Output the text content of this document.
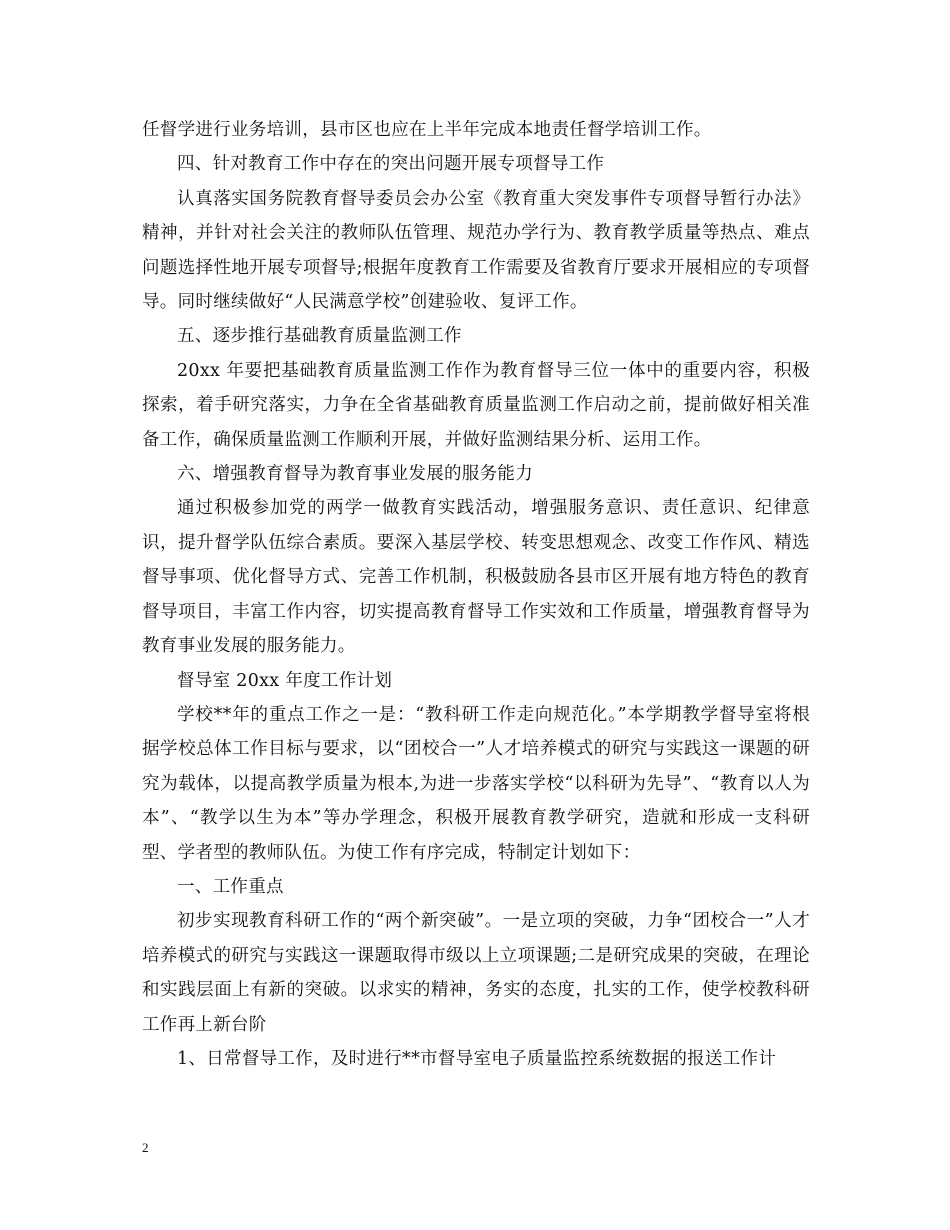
任督学进行业务培训，县市区也应在上半年完成本地责任督学培训工作。

四、针对教育工作中存在的突出问题开展专项督导工作

认真落实国务院教育督导委员会办公室《教育重大突发事件专项督导暂行办法》精神，并针对社会关注的教师队伍管理、规范办学行为、教育教学质量等热点、难点问题选择性地开展专项督导;根据年度教育工作需要及省教育厅要求开展相应的专项督导。同时继续做好“人民满意学校”创建验收、复评工作。

五、逐步推行基础教育质量监测工作

20xx 年要把基础教育质量监测工作作为教育督导三位一体中的重要内容，积极探索，着手研究落实，力争在全省基础教育质量监测工作启动之前，提前做好相关准备工作，确保质量监测工作顺利开展，并做好监测结果分析、运用工作。

六、增强教育督导为教育事业发展的服务能力

通过积极参加党的两学一做教育实践活动，增强服务意识、责任意识、纪律意识，提升督学队伍综合素质。要深入基层学校、转变思想观念、改变工作作风、精选督导事项、优化督导方式、完善工作机制，积极鼓励各县市区开展有地方特色的教育督导项目，丰富工作内容，切实提高教育督导工作实效和工作质量，增强教育督导为教育事业发展的服务能力。

督导室 20xx 年度工作计划

学校**年的重点工作之一是：“教科研工作走向规范化。”本学期教学督导室将根据学校总体工作目标与要求，以“团校合一”人才培养模式的研究与实践这一课题的研究为载体，以提高教学质量为根本,为进一步落实学校“以科研为先导”、“教育以人为本”、“教学以生为本”等办学理念，积极开展教育教学研究，造就和形成一支科研型、学者型的教师队伍。为使工作有序完成，特制定计划如下：

一、工作重点

初步实现教育科研工作的“两个新突破”。一是立项的突破，力争“团校合一”人才培养模式的研究与实践这一课题取得市级以上立项课题;二是研究成果的突破，在理论和实践层面上有新的突破。以求实的精神，务实的态度，扎实的工作，使学校教科研工作再上新台阶

1、日常督导工作，及时进行**市督导室电子质量监控系统数据的报送工作计

2
